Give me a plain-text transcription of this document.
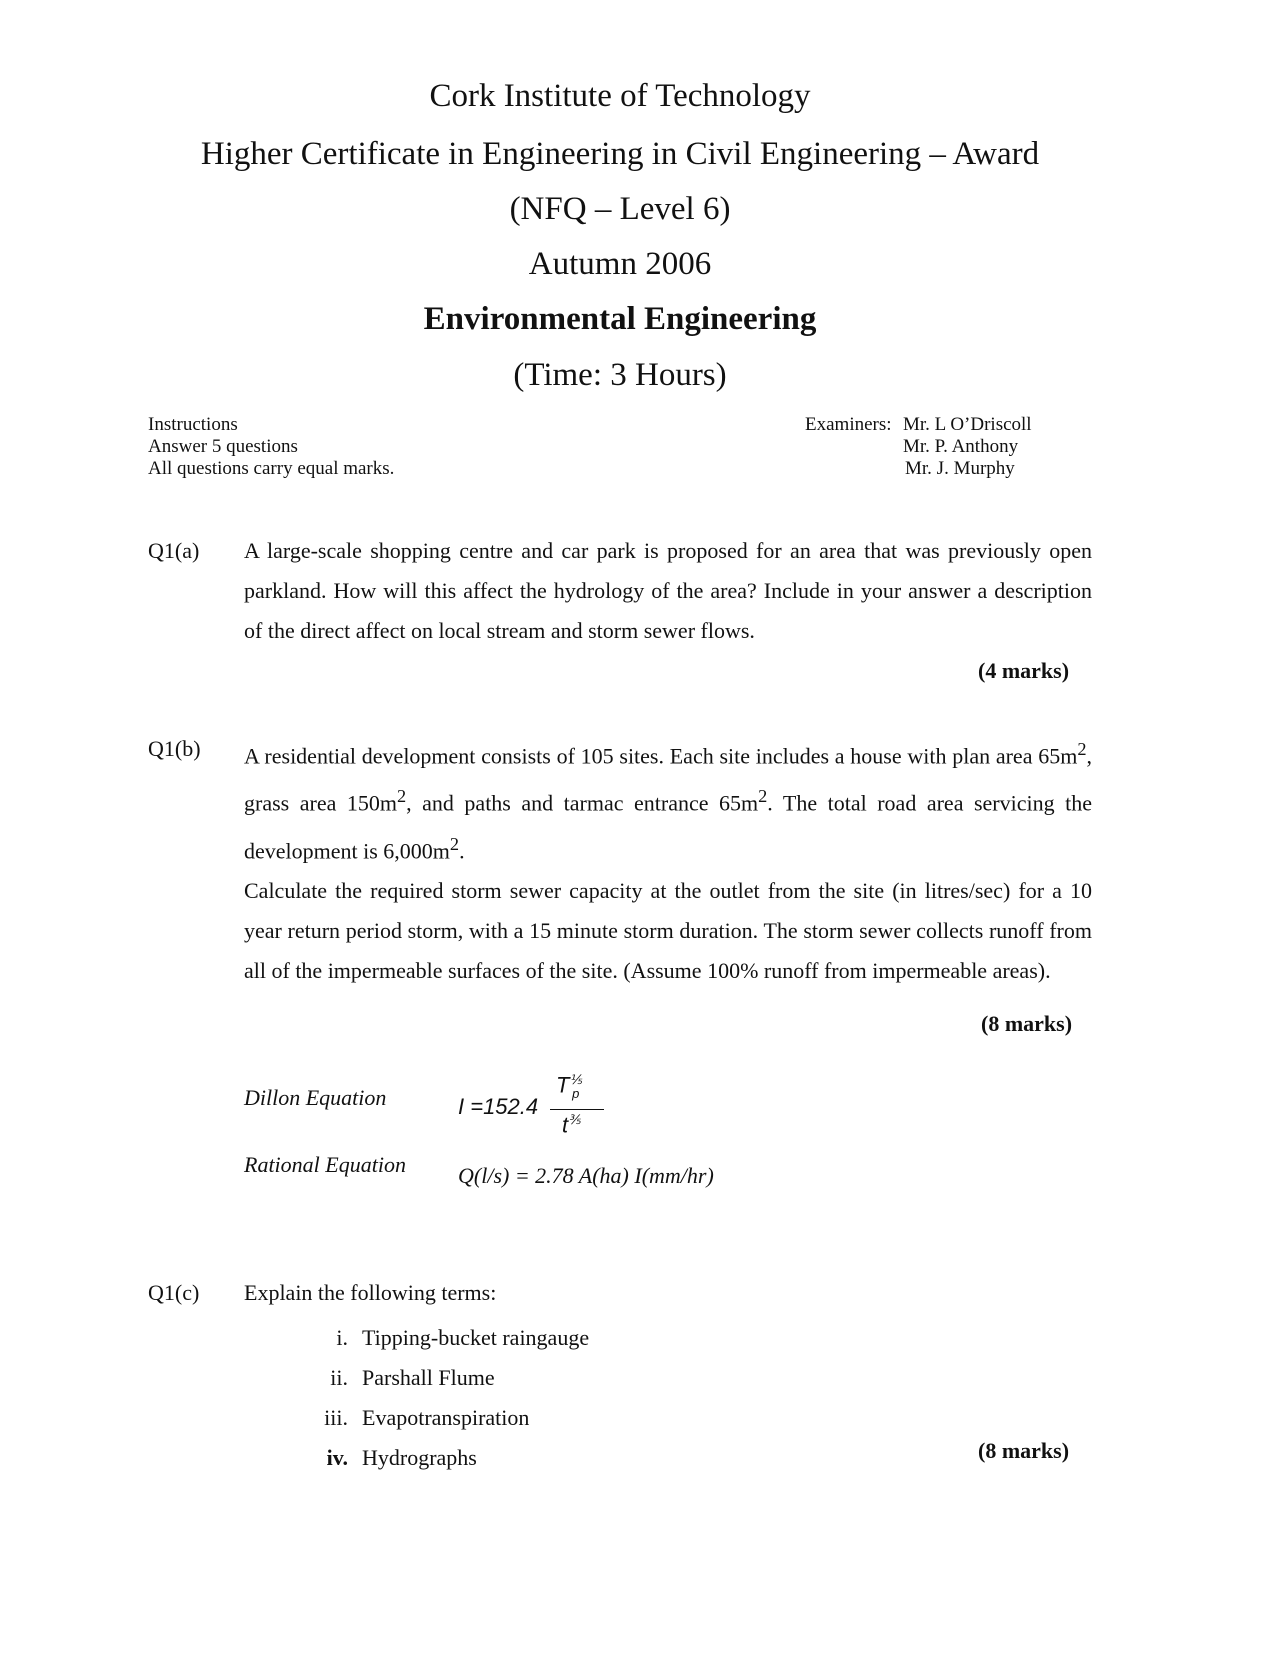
Cork Institute of Technology
Higher Certificate in Engineering in Civil Engineering – Award
(NFQ – Level 6)
Autumn 2006
Environmental Engineering
(Time: 3 Hours)
Instructions
Answer 5 questions
All questions carry equal marks.
Examiners: Mr. L O’Driscoll
Mr. P. Anthony
Mr. J. Murphy
Q1(a) A large-scale shopping centre and car park is proposed for an area that was previously open parkland. How will this affect the hydrology of the area? Include in your answer a description of the direct affect on local stream and storm sewer flows.
(4 marks)
Q1(b) A residential development consists of 105 sites. Each site includes a house with plan area $65m^2$, grass area $150m^2$, and paths and tarmac entrance $65m^2$. The total road area servicing the development is $6,000m^2$.
Calculate the required storm sewer capacity at the outlet from the site (in litres/sec) for a 10 year return period storm, with a 15 minute storm duration. The storm sewer collects runoff from all of the impermeable surfaces of the site. (Assume 100% runoff from impermeable areas).
(8 marks)
Dillon Equation	I =152.4
$T^{\frac{1}{5}}_p$
$t^{\frac{3}{5}}$
Rational Equation Q(l/s) = 2.78 A(ha) I(mm/hr)
Q1(c) Explain the following terms:
i. Tipping-bucket raingauge
ii. Parshall Flume
iii. Evapotranspiration
iv. Hydrographs	(8 marks)
